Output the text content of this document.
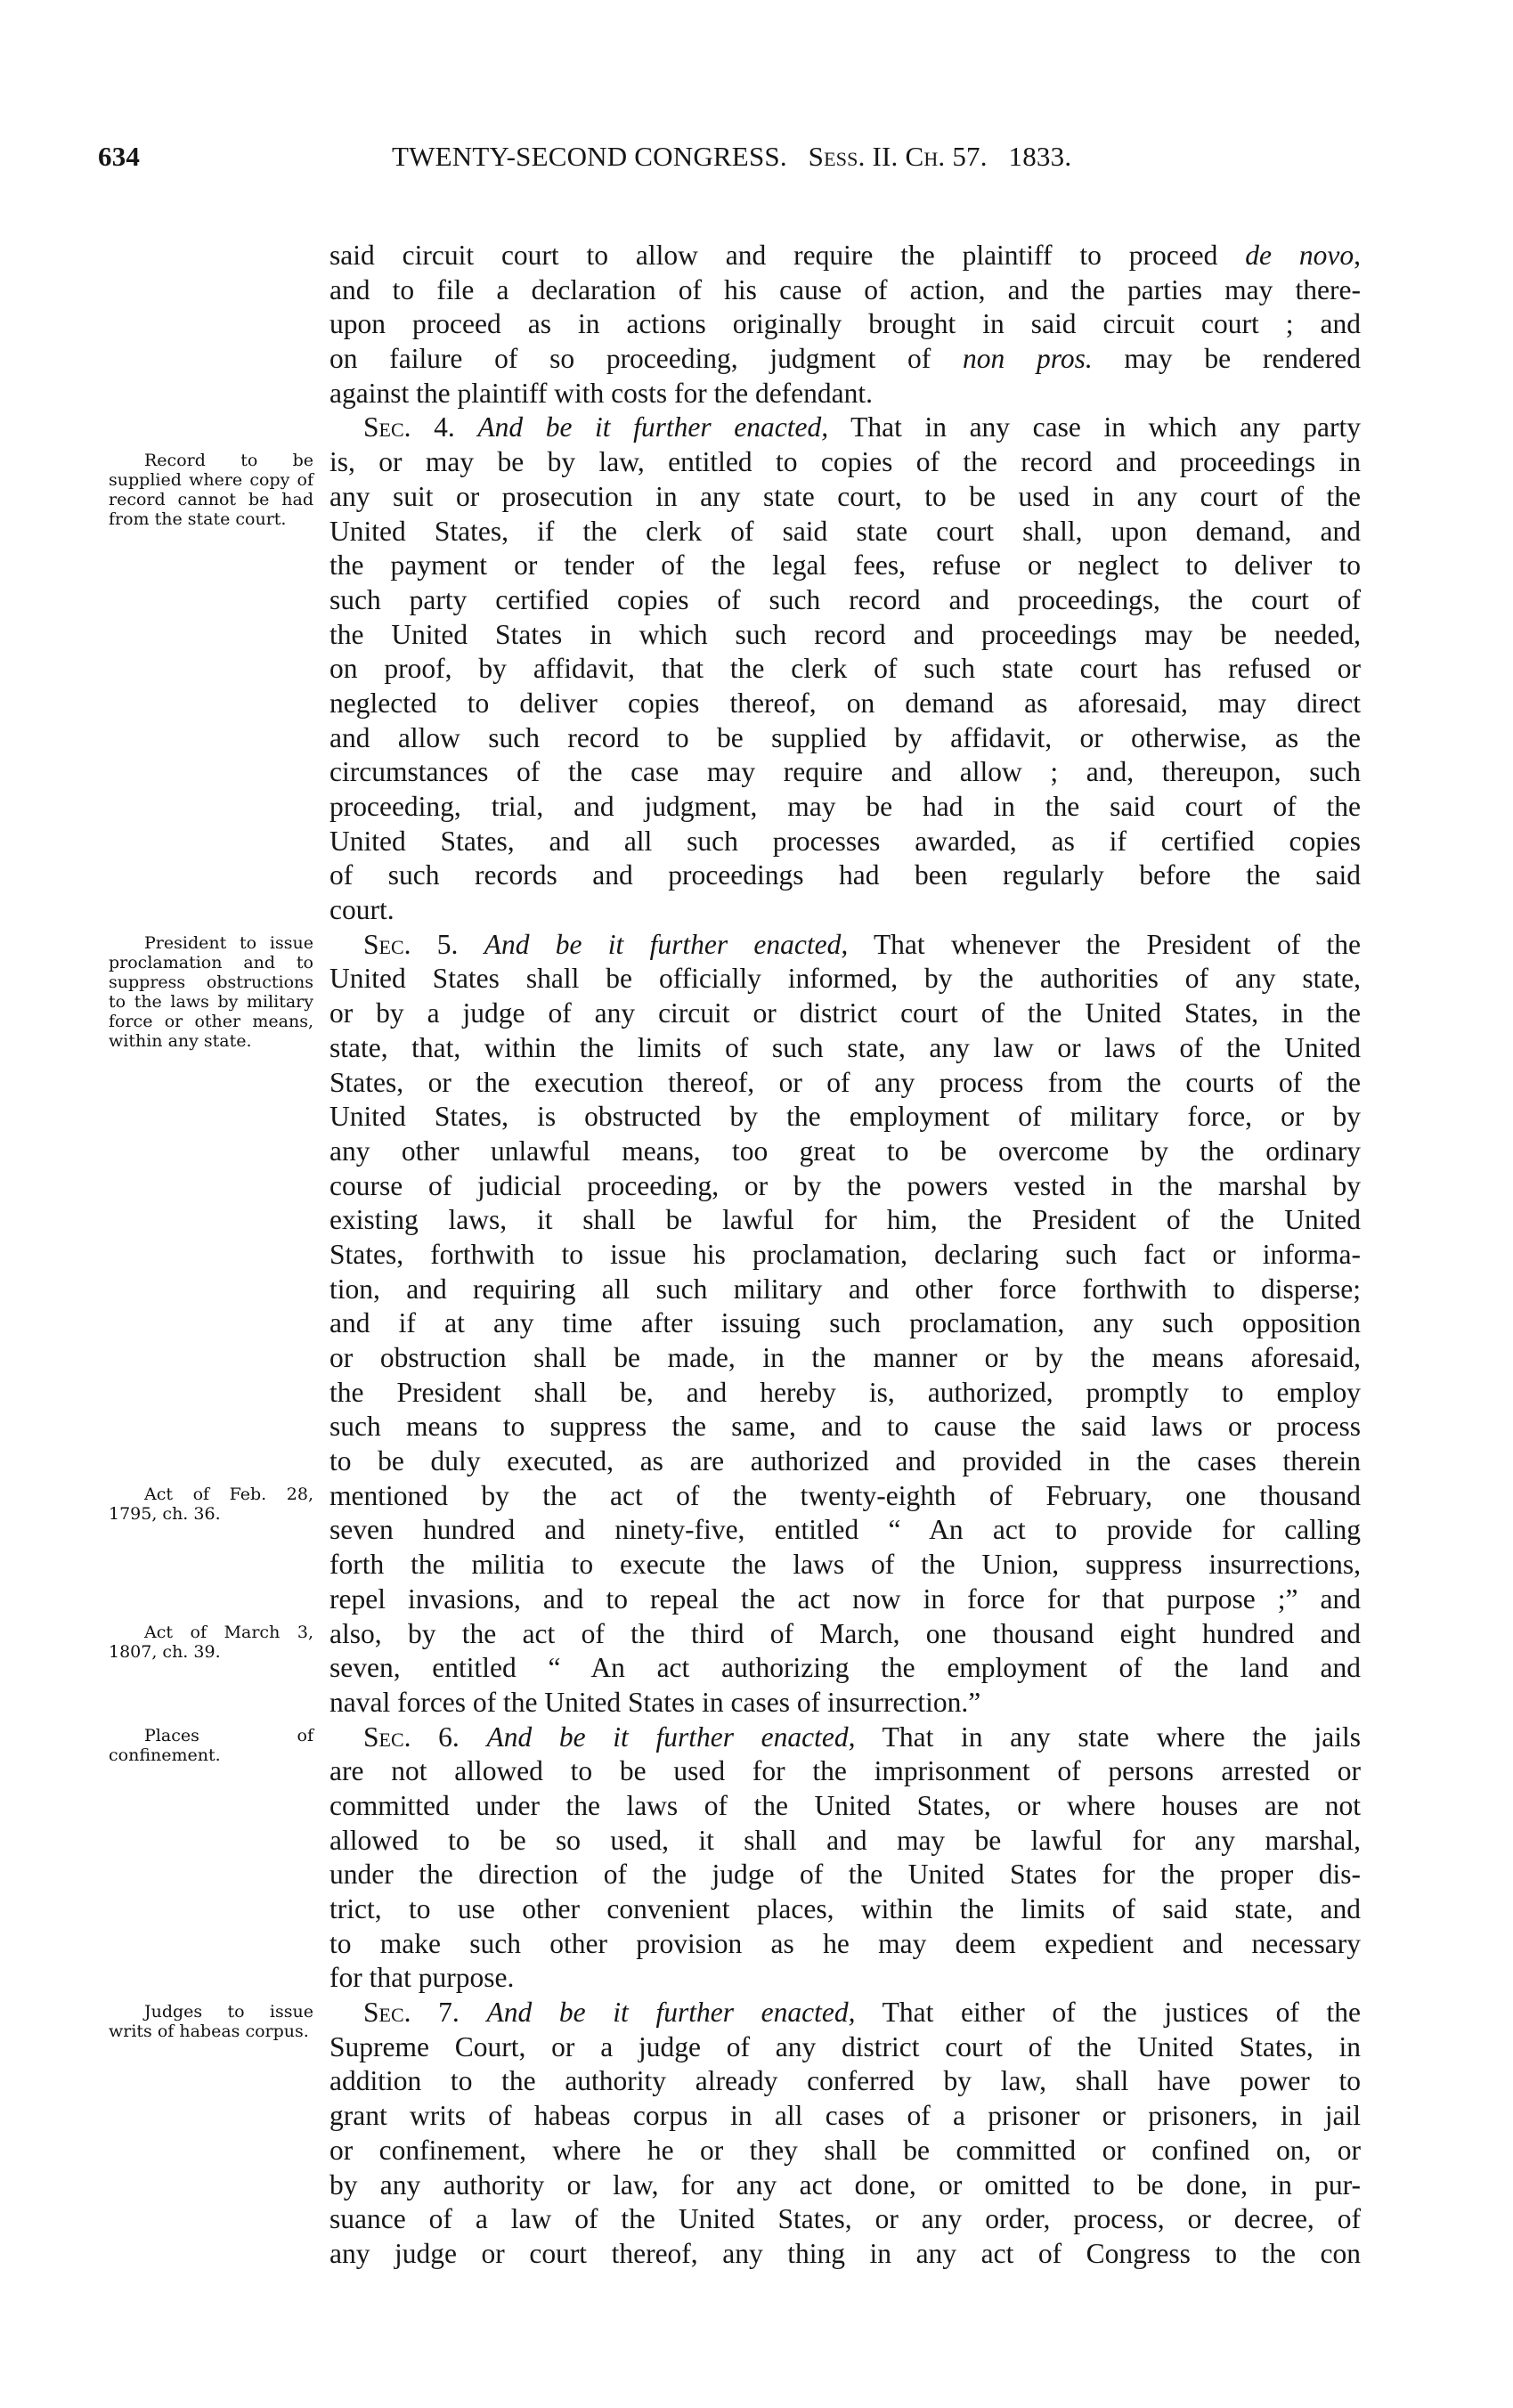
634	TWENTY-SECOND CONGRESS. Sess. II. Ch. 57. 1833.
Record to be supplied where copy of record cannot be had from the state court.
President to issue proclamation and to suppress obstructions to the laws by military force or other means, within any state.
Act of Feb. 28, 1795, ch. 36.
Act of March 3, 1807, ch. 39.
Places of confinement.
Judges to issue writs of habeas corpus.
said circuit court to allow and require the plaintiff to proceed de novo,
and to file a declaration of his cause of action, and the parties may there-
upon proceed as in actions originally brought in said circuit court ; and
on failure of so proceeding, judgment of non pros. may be rendered
against the plaintiff with costs for the defendant.
Sec. 4. And be it further enacted, That in any case in which any party
is, or may be by law, entitled to copies of the record and proceedings in
any suit or prosecution in any state court, to be used in any court of the
United States, if the clerk of said state court shall, upon demand, and
the payment or tender of the legal fees, refuse or neglect to deliver to
such party certified copies of such record and proceedings, the court of
the United States in which such record and proceedings may be needed,
on proof, by affidavit, that the clerk of such state court has refused or
neglected to deliver copies thereof, on demand as aforesaid, may direct
and allow such record to be supplied by affidavit, or otherwise, as the
circumstances of the case may require and allow ; and, thereupon, such
proceeding, trial, and judgment, may be had in the said court of the
United States, and all such processes awarded, as if certified copies
of such records and proceedings had been regularly before the said
court.
Sec. 5. And be it further enacted, That whenever the President of the
United States shall be officially informed, by the authorities of any state,
or by a judge of any circuit or district court of the United States, in the
state, that, within the limits of such state, any law or laws of the United
States, or the execution thereof, or of any process from the courts of the
United States, is obstructed by the employment of military force, or by
any other unlawful means, too great to be overcome by the ordinary
course of judicial proceeding, or by the powers vested in the marshal by
existing laws, it shall be lawful for him, the President of the United
States, forthwith to issue his proclamation, declaring such fact or informa-
tion, and requiring all such military and other force forthwith to disperse;
and if at any time after issuing such proclamation, any such opposition
or obstruction shall be made, in the manner or by the means aforesaid,
the President shall be, and hereby is, authorized, promptly to employ
such means to suppress the same, and to cause the said laws or process
to be duly executed, as are authorized and provided in the cases therein
mentioned by the act of the twenty-eighth of February, one thousand
seven hundred and ninety-five, entitled “ An act to provide for calling
forth the militia to execute the laws of the Union, suppress insurrections,
repel invasions, and to repeal the act now in force for that purpose ;” and
also, by the act of the third of March, one thousand eight hundred and
seven, entitled “ An act authorizing the employment of the land and
naval forces of the United States in cases of insurrection.”
Sec. 6. And be it further enacted, That in any state where the jails
are not allowed to be used for the imprisonment of persons arrested or
committed under the laws of the United States, or where houses are not
allowed to be so used, it shall and may be lawful for any marshal,
under the direction of the judge of the United States for the proper dis-
trict, to use other convenient places, within the limits of said state, and
to make such other provision as he may deem expedient and necessary
for that purpose.
Sec. 7. And be it further enacted, That either of the justices of the
Supreme Court, or a judge of any district court of the United States, in
addition to the authority already conferred by law, shall have power to
grant writs of habeas corpus in all cases of a prisoner or prisoners, in jail
or confinement, where he or they shall be committed or confined on, or
by any authority or law, for any act done, or omitted to be done, in pur-
suance of a law of the United States, or any order, process, or decree, of
any judge or court thereof, any thing in any act of Congress to the con
